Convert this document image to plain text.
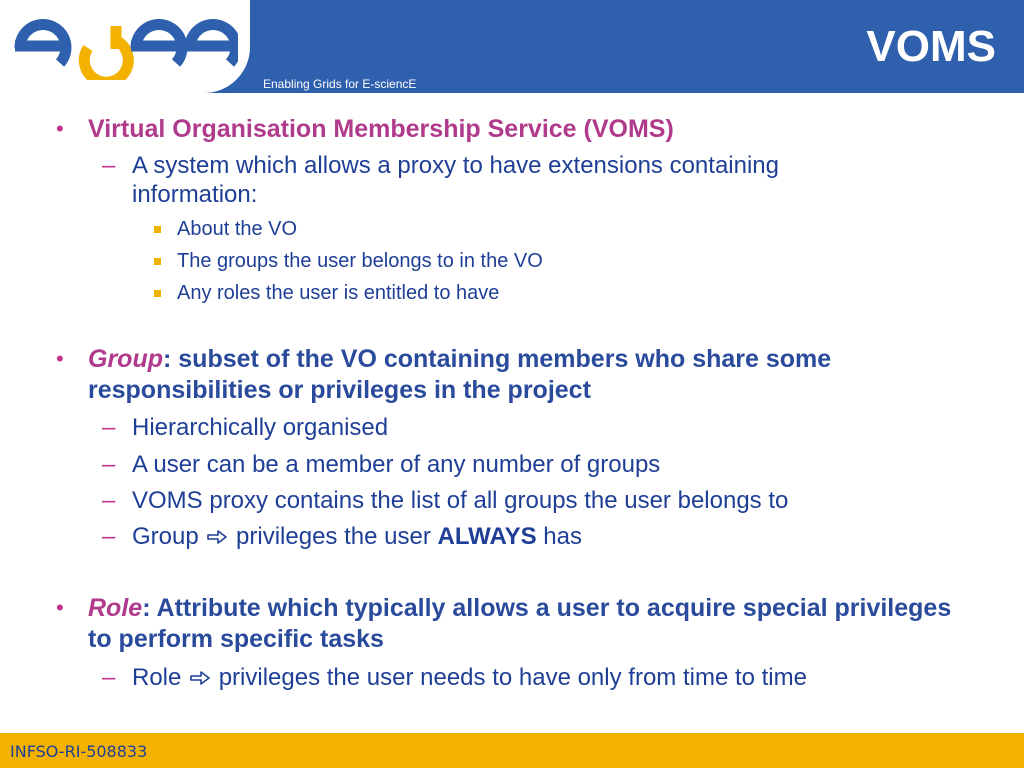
VOMS
Enabling Grids for E-sciencE
• Virtual Organisation Membership Service (VOMS)
– A system which allows a proxy to have extensions containing information:
About the VO
The groups the user belongs to in the VO
Any roles the user is entitled to have
• Group: subset of the VO containing members who share some responsibilities or privileges in the project
– Hierarchically organised
– A user can be a member of any number of groups
– VOMS proxy contains the list of all groups the user belongs to
– Group  privileges the user ALWAYS has
• Role: Attribute which typically allows a user to acquire special privileges to perform specific tasks
– Role  privileges the user needs to have only from time to time
INFSO-RI-508833
